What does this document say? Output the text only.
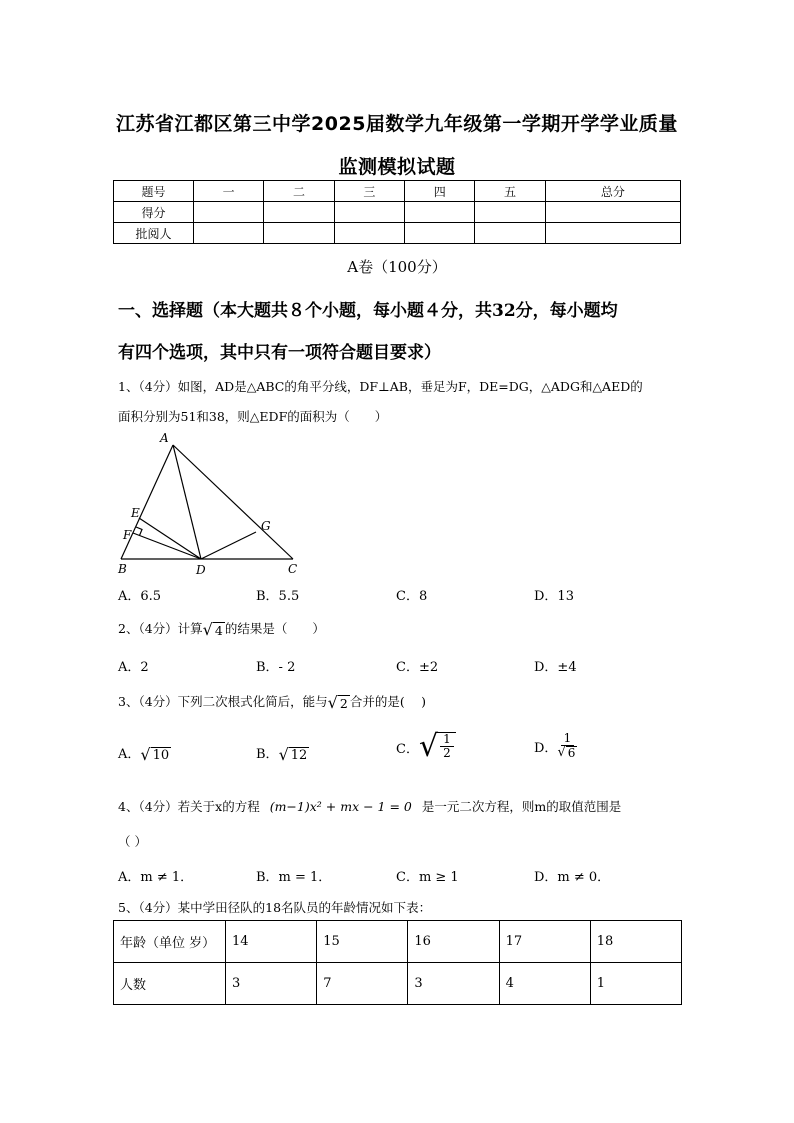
江苏省江都区第三中学2025届数学九年级第一学期开学学业质量
监测模拟试题
题号	一	二	三	四	五	总分
得分						
批阅人						
A卷（100分）
一、选择题（本大题共８个小题，每小题４分，共32分，每小题均
有四个选项，其中只有一项符合题目要求）
1、（4分）如图，AD是△ABC的角平分线，DF⊥AB，垂足为F，DE=DG，△ADG和△AED的
面积分别为51和38，则△EDF的面积为（　　）
A
E
F
G
B	D	C
A．6.5	B．5.5	C．8	D．13
2、（4分）计算 √ 4 的结果是（　　）
A．2	B．- 2	C．±2	D．±4
3、（4分）下列二次根式化简后，能与 √ 2 合并的是(　 )
A． √ 10	B． √ 12	C． √ $\frac{1}{2}$	D． $\frac{1}{√ 6}$
4、（4分）若关于x的方程 (m−1)x² + mx − 1 = 0 是一元二次方程，则m的取值范围是
（ ）
A．m ≠ 1．	B．m = 1．	C．m ≥ 1	D．m ≠ 0．
5、（4分）某中学田径队的18名队员的年龄情况如下表：
年龄（单位 岁）	14	15	16	17	18
人数	3	7	3	4	1
